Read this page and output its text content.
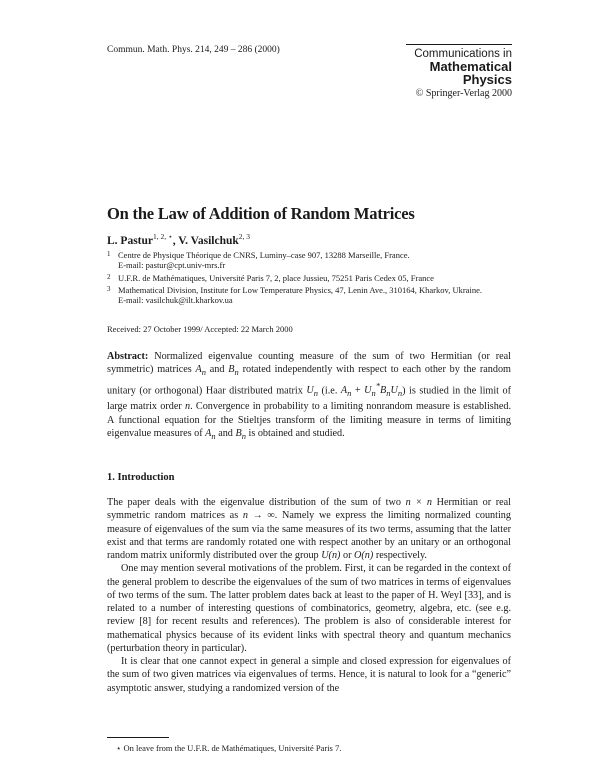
Commun. Math. Phys. 214, 249 – 286 (2000)	Communications in
Mathematical
Physics
© Springer-Verlag 2000
On the Law of Addition of Random Matrices
L. Pastur$^{1, 2, ⋆}$, V. Vasilchuk$^{2, 3}$
1 Centre de Physique Théorique de CNRS, Luminy–case 907, 13288 Marseille, France.
E-mail: pastur@cpt.univ-mrs.fr
2 U.F.R. de Mathématiques, Université Paris 7, 2, place Jussieu, 75251 Paris Cedex 05, France
3 Mathematical Division, Institute for Low Temperature Physics, 47, Lenin Ave., 310164, Kharkov, Ukraine.
E-mail: vasilchuk@ilt.kharkov.ua
Received: 27 October 1999/ Accepted: 22 March 2000

Abstract: Normalized eigenvalue counting measure of the sum of two Hermitian (or real symmetric) matrices $A_n$ and $B_n$ rotated independently with respect to each other by the random unitary (or orthogonal) Haar distributed matrix $U_n$ (i.e. $A_n + U_n^*B_nU_n$) is studied in the limit of large matrix order n. Convergence in probability to a limiting nonrandom measure is established. A functional equation for the Stieltjes transform of the limiting measure in terms of limiting eigenvalue measures of $A_n$ and $B_n$ is obtained and studied.

1. Introduction

The paper deals with the eigenvalue distribution of the sum of two n × n Hermitian or real symmetric random matrices as n → ∞. Namely we express the limiting normalized counting measure of eigenvalues of the sum via the same measures of its two terms, assuming that the latter exist and that terms are randomly rotated one with respect another by an unitary or an orthogonal random matrix uniformly distributed over the group U(n) or O(n) respectively.

One may mention several motivations of the problem. First, it can be regarded in the context of the general problem to describe the eigenvalues of the sum of two matrices in terms of eigenvalues of two terms of the sum. The latter problem dates back at least to the paper of H. Weyl [33], and is related to a number of interesting questions of combinatorics, geometry, algebra, etc. (see e.g. review [8] for recent results and references). The problem is also of considerable interest for mathematical physics because of its evident links with spectral theory and quantum mechanics (perturbation theory in particular).

It is clear that one cannot expect in general a simple and closed expression for eigenvalues of the sum of two given matrices via eigenvalues of terms. Hence, it is natural to look for a “generic” asymptotic answer, studying a randomized version of the

⋆ On leave from the U.F.R. de Mathématiques, Université Paris 7.
